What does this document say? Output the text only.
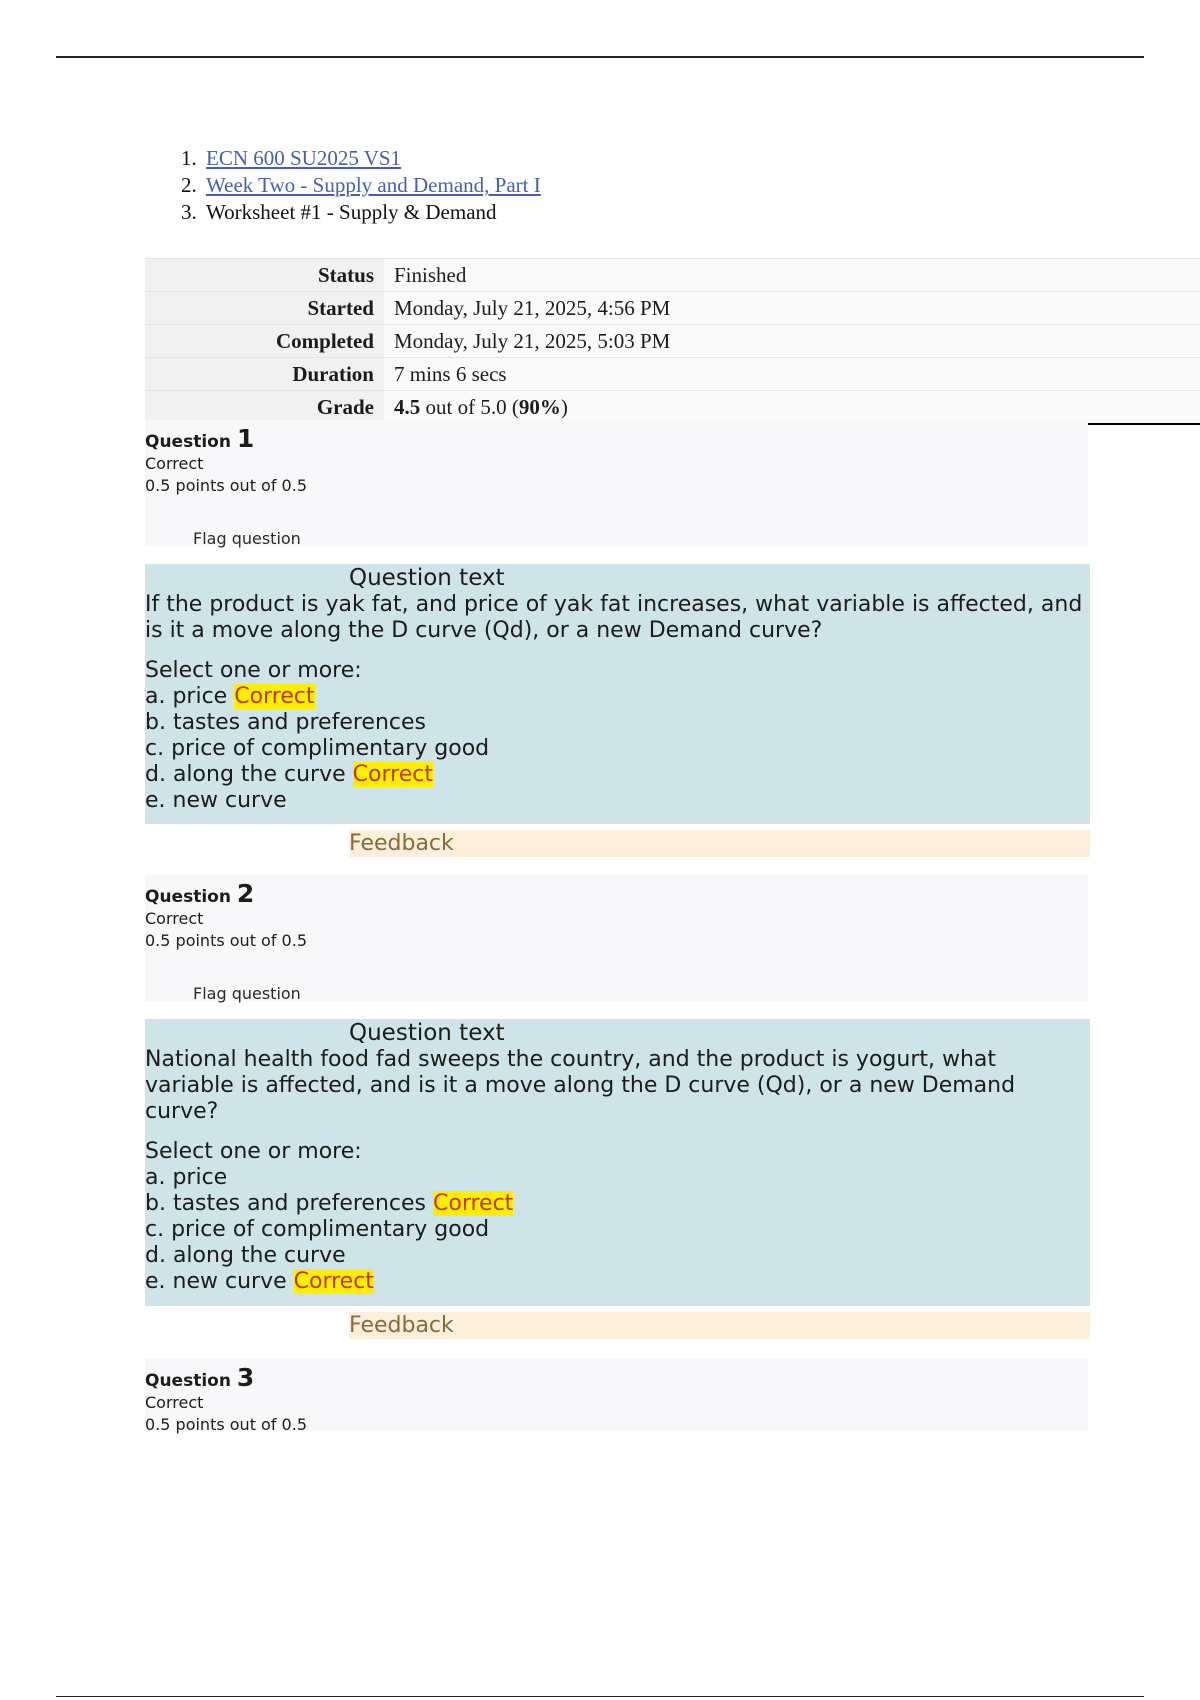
1. ECN 600 SU2025 VS1
2. Week Two - Supply and Demand, Part I
3. Worksheet #1 - Supply & Demand
Status	Finished
Started	Monday, July 21, 2025, 4:56 PM
Completed	Monday, July 21, 2025, 5:03 PM
Duration	7 mins 6 secs
Grade	4.5 out of 5.0 (90%)
Question 1
Correct
0.5 points out of 0.5
Flag question
Question text
If the product is yak fat, and price of yak fat increases, what variable is affected, and is it a move along the D curve (Qd), or a new Demand curve?
Select one or more:
a. price Correct
b. tastes and preferences
c. price of complimentary good
d. along the curve Correct
e. new curve
Feedback
Question 2
Correct
0.5 points out of 0.5
Flag question
Question text
National health food fad sweeps the country, and the product is yogurt, what variable is affected, and is it a move along the D curve (Qd), or a new Demand curve?
Select one or more:
a. price
b. tastes and preferences Correct
c. price of complimentary good
d. along the curve
e. new curve Correct
Feedback
Question 3
Correct
0.5 points out of 0.5
